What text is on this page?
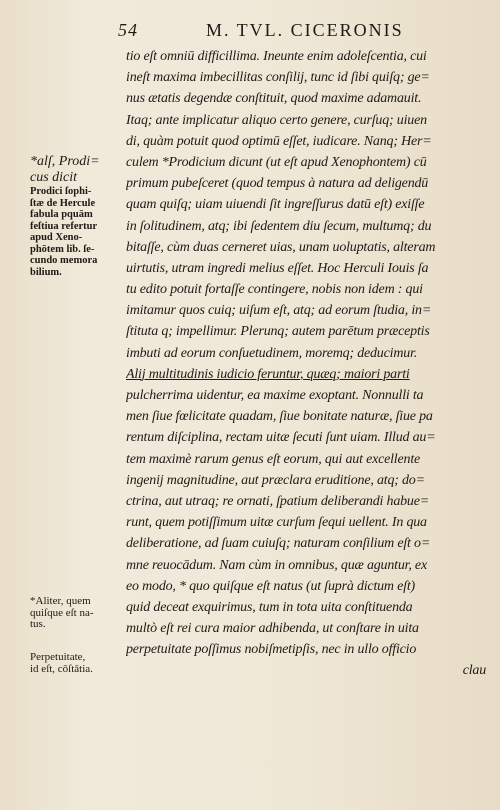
54	M. TVL. CICERONIS
tio eſt omniū difficillima. Ineunte enim adoleſcentia, cui
ineſt maxima imbecillitas conſilij, tunc id ſibi quiſq; ge=
nus ætatis degendæ conſtituit, quod maxime adamauit.
Itaq; ante implicatur aliquo certo genere, curſuq; uiuen
di, quàm potuit quod optimū eſſet, iudicare. Nanq; Her=
culem *Prodicium dicunt (ut eſt apud Xenophontem) cū
primum pubeſceret (quod tempus à natura ad deligendū
quam quiſq; uiam uiuendi ſit ingreſſurus datū eſt) exiſſe
in ſolitudinem, atq; ibi ſedentem diu ſecum, multumq; du
bitaſſe, cùm duas cerneret uias, unam uoluptatis, alteram
uirtutis, utram ingredi melius eſſet. Hoc Herculi Iouis ſa
tu edito potuit fortaſſe contingere, nobis non idem : qui
imitamur quos cuiq; uiſum eſt, atq; ad eorum ſtudia, in=
ſtituta q; impellimur. Plerunq; autem parētum præceptis
imbuti ad eorum conſuetudinem, moremq; deducimur.
Alij multitudinis iudicio feruntur, quæq; maiori parti
pulcherrima uidentur, ea maxime exoptant. Nonnulli ta
men ſiue fœlicitate quadam, ſiue bonitate naturæ, ſiue pa
rentum diſciplina, rectam uitæ ſecuti ſunt uiam. Illud au=
tem maximè rarum genus eſt eorum, qui aut excellente
ingenij magnitudine, aut præclara eruditione, atq; do=
ctrina, aut utraq; re ornati, ſpatium deliberandi habue=
runt, quem potiſſimum uitæ curſum ſequi uellent. In qua
deliberatione, ad ſuam cuiuſq; naturam conſilium eſt o=
mne reuocādum. Nam cùm in omnibus, quæ aguntur, ex
eo modo, * quo quiſque eſt natus (ut ſuprà dictum eſt)
quid deceat exquirimus, tum in tota uita conſtituenda
multò eſt rei cura maior adhibenda, ut conſtare in uita
perpetuitate poſſimus nobiſmetipſis, nec in ullo officio
clau
*alſ, Prodi=
cus dicit
Prodici ſophi-
ſtæ de Hercule
fabula pquām
feſtiua refertur
apud Xeno-
phōtem lib. ſe-
cundo memora
bilium.
*Aliter, quem
quiſque eſt na-
tus.
Perpetuitate,
id eſt, cōſtātia.
